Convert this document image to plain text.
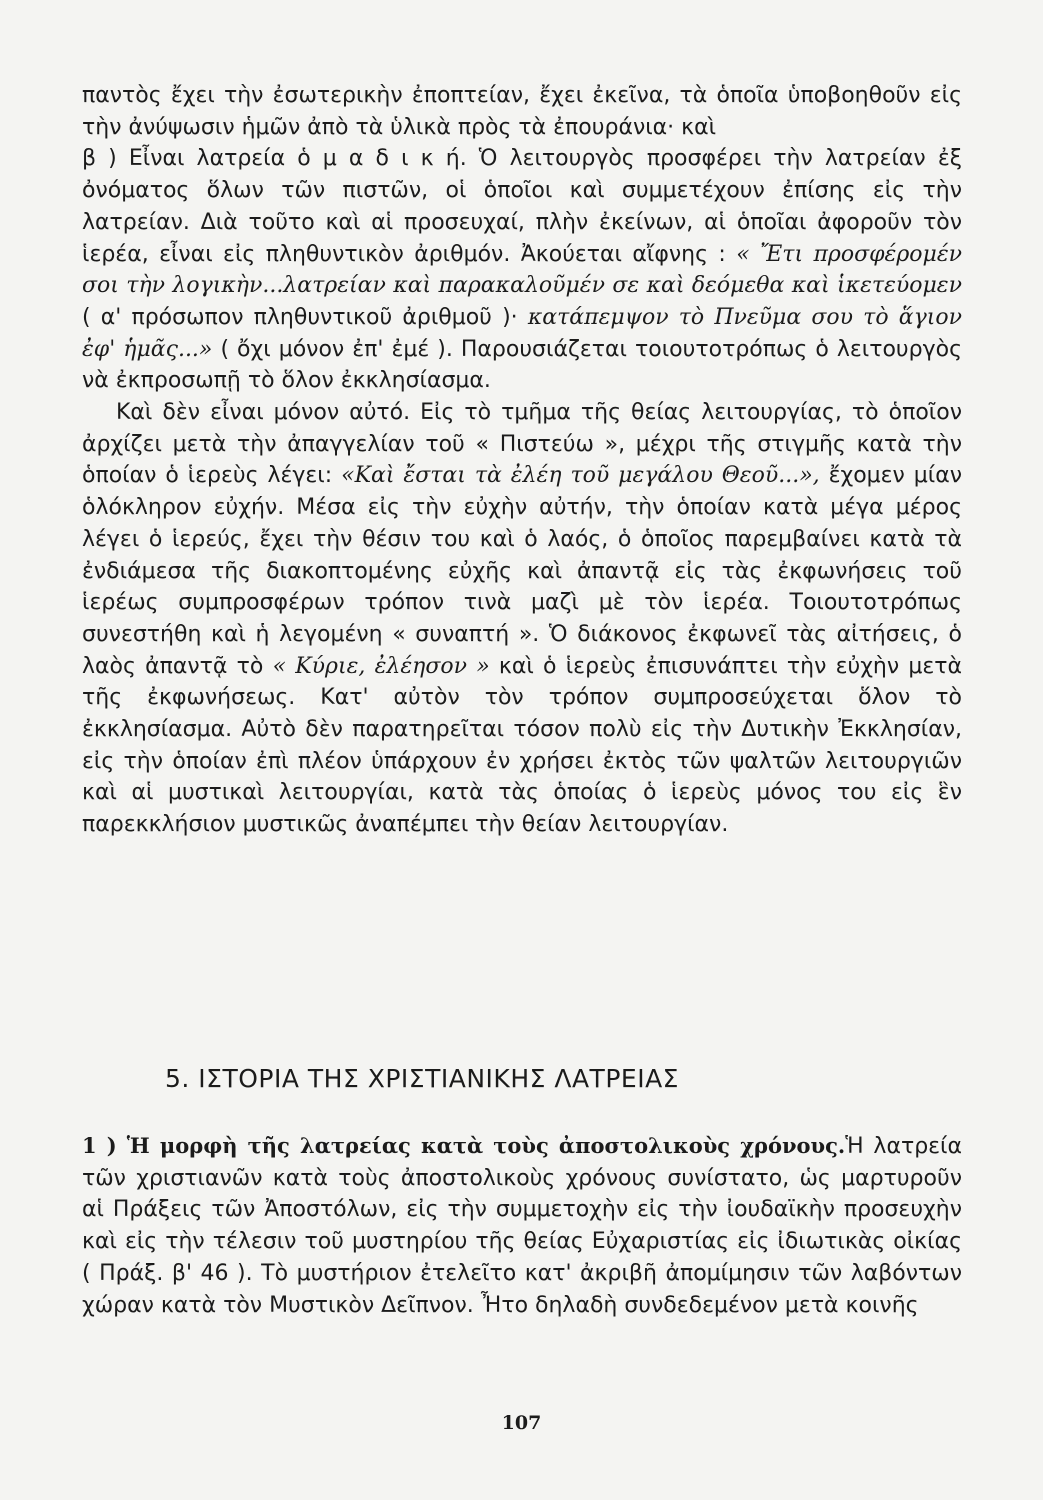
παντὸς ἔχει τὴν ἐσωτερικὴν ἐποπτείαν, ἔχει ἐκεῖνα, τὰ ὁποῖα ὑποβοηθοῦν εἰς τὴν ἀνύψωσιν ἡμῶν ἀπὸ τὰ ὑλικὰ πρὸς τὰ ἐπουράνια· καὶ

β ) Εἶναι λατρεία ὁ μ α δ ι κ ή. Ὁ λειτουργὸς προσφέρει τὴν λατρείαν ἐξ ὀνόματος ὅλων τῶν πιστῶν, οἱ ὁποῖοι καὶ συμμετέχουν ἐπίσης εἰς τὴν λατρείαν. Διὰ τοῦτο καὶ αἱ προσευχαί, πλὴν ἐκείνων, αἱ ὁποῖαι ἀφοροῦν τὸν ἱερέα, εἶναι εἰς πληθυντικὸν ἀριθμόν. Ἀκούεται αἴφνης : « Ἔτι προσφέρομέν σοι τὴν λογικὴν...λατρείαν καὶ παρακαλοῦμέν σε καὶ δεόμεθα καὶ ἱκετεύομεν ( α' πρόσωπον πληθυντικοῦ ἀριθμοῦ )· κατάπεμψον τὸ Πνεῦμα σου τὸ ἅγιον ἐφ' ἡμᾶς...» ( ὄχι μόνον ἐπ' ἐμέ ). Παρουσιάζεται τοιουτοτρόπως ὁ λειτουργὸς νὰ ἐκπροσωπῇ τὸ ὅλον ἐκκλησίασμα.

Καὶ δὲν εἶναι μόνον αὐτό. Εἰς τὸ τμῆμα τῆς θείας λειτουργίας, τὸ ὁποῖον ἀρχίζει μετὰ τὴν ἀπαγγελίαν τοῦ « Πιστεύω », μέχρι τῆς στιγμῆς κατὰ τὴν ὁποίαν ὁ ἱερεὺς λέγει: «Καὶ ἔσται τὰ ἐλέη τοῦ μεγάλου Θεοῦ...», ἔχομεν μίαν ὁλόκληρον εὐχήν. Μέσα εἰς τὴν εὐχὴν αὐτήν, τὴν ὁποίαν κατὰ μέγα μέρος λέγει ὁ ἱερεύς, ἔχει τὴν θέσιν του καὶ ὁ λαός, ὁ ὁποῖος παρεμβαίνει κατὰ τὰ ἐνδιάμεσα τῆς διακοπτομένης εὐχῆς καὶ ἀπαντᾷ εἰς τὰς ἐκφωνήσεις τοῦ ἱερέως συμπροσφέρων τρόπον τινὰ μαζὶ μὲ τὸν ἱερέα. Τοιουτοτρόπως συνεστήθη καὶ ἡ λεγομένη « συναπτή ». Ὁ διάκονος ἐκφωνεῖ τὰς αἰτήσεις, ὁ λαὸς ἀπαντᾷ τὸ « Κύριε, ἐλέησον » καὶ ὁ ἱερεὺς ἐπισυνάπτει τὴν εὐχὴν μετὰ τῆς ἐκφωνήσεως. Κατ' αὐτὸν τὸν τρόπον συμπροσεύχεται ὅλον τὸ ἐκκλησίασμα. Αὐτὸ δὲν παρατηρεῖται τόσον πολὺ εἰς τὴν Δυτικὴν Ἐκκλησίαν, εἰς τὴν ὁποίαν ἐπὶ πλέον ὑπάρχουν ἐν χρήσει ἐκτὸς τῶν ψαλτῶν λειτουργιῶν καὶ αἱ μυστικαὶ λειτουργίαι, κατὰ τὰς ὁποίας ὁ ἱερεὺς μόνος του εἰς ἓν παρεκκλήσιον μυστικῶς ἀναπέμπει τὴν θείαν λειτουργίαν.

5. ΙΣΤΟΡΙΑ ΤΗΣ ΧΡΙΣΤΙΑΝΙΚΗΣ ΛΑΤΡΕΙΑΣ

1 ) Ἡ μορφὴ τῆς λατρείας κατὰ τοὺς ἀποστολικοὺς χρόνους.Ἡ λατρεία τῶν χριστιανῶν κατὰ τοὺς ἀποστολικοὺς χρόνους συνίστατο, ὡς μαρτυροῦν αἱ Πράξεις τῶν Ἀποστόλων, εἰς τὴν συμμετοχὴν εἰς τὴν ἰουδαϊκὴν προσευχὴν καὶ εἰς τὴν τέλεσιν τοῦ μυστηρίου τῆς θείας Εὐχαριστίας εἰς ἰδιωτικὰς οἰκίας ( Πράξ. β' 46 ). Τὸ μυστήριον ἐτελεῖτο κατ' ἀκριβῆ ἀπομίμησιν τῶν λαβόντων χώραν κατὰ τὸν Μυστικὸν Δεῖπνον. Ἦτο δηλαδὴ συνδεδεμένον μετὰ κοινῆς

107
